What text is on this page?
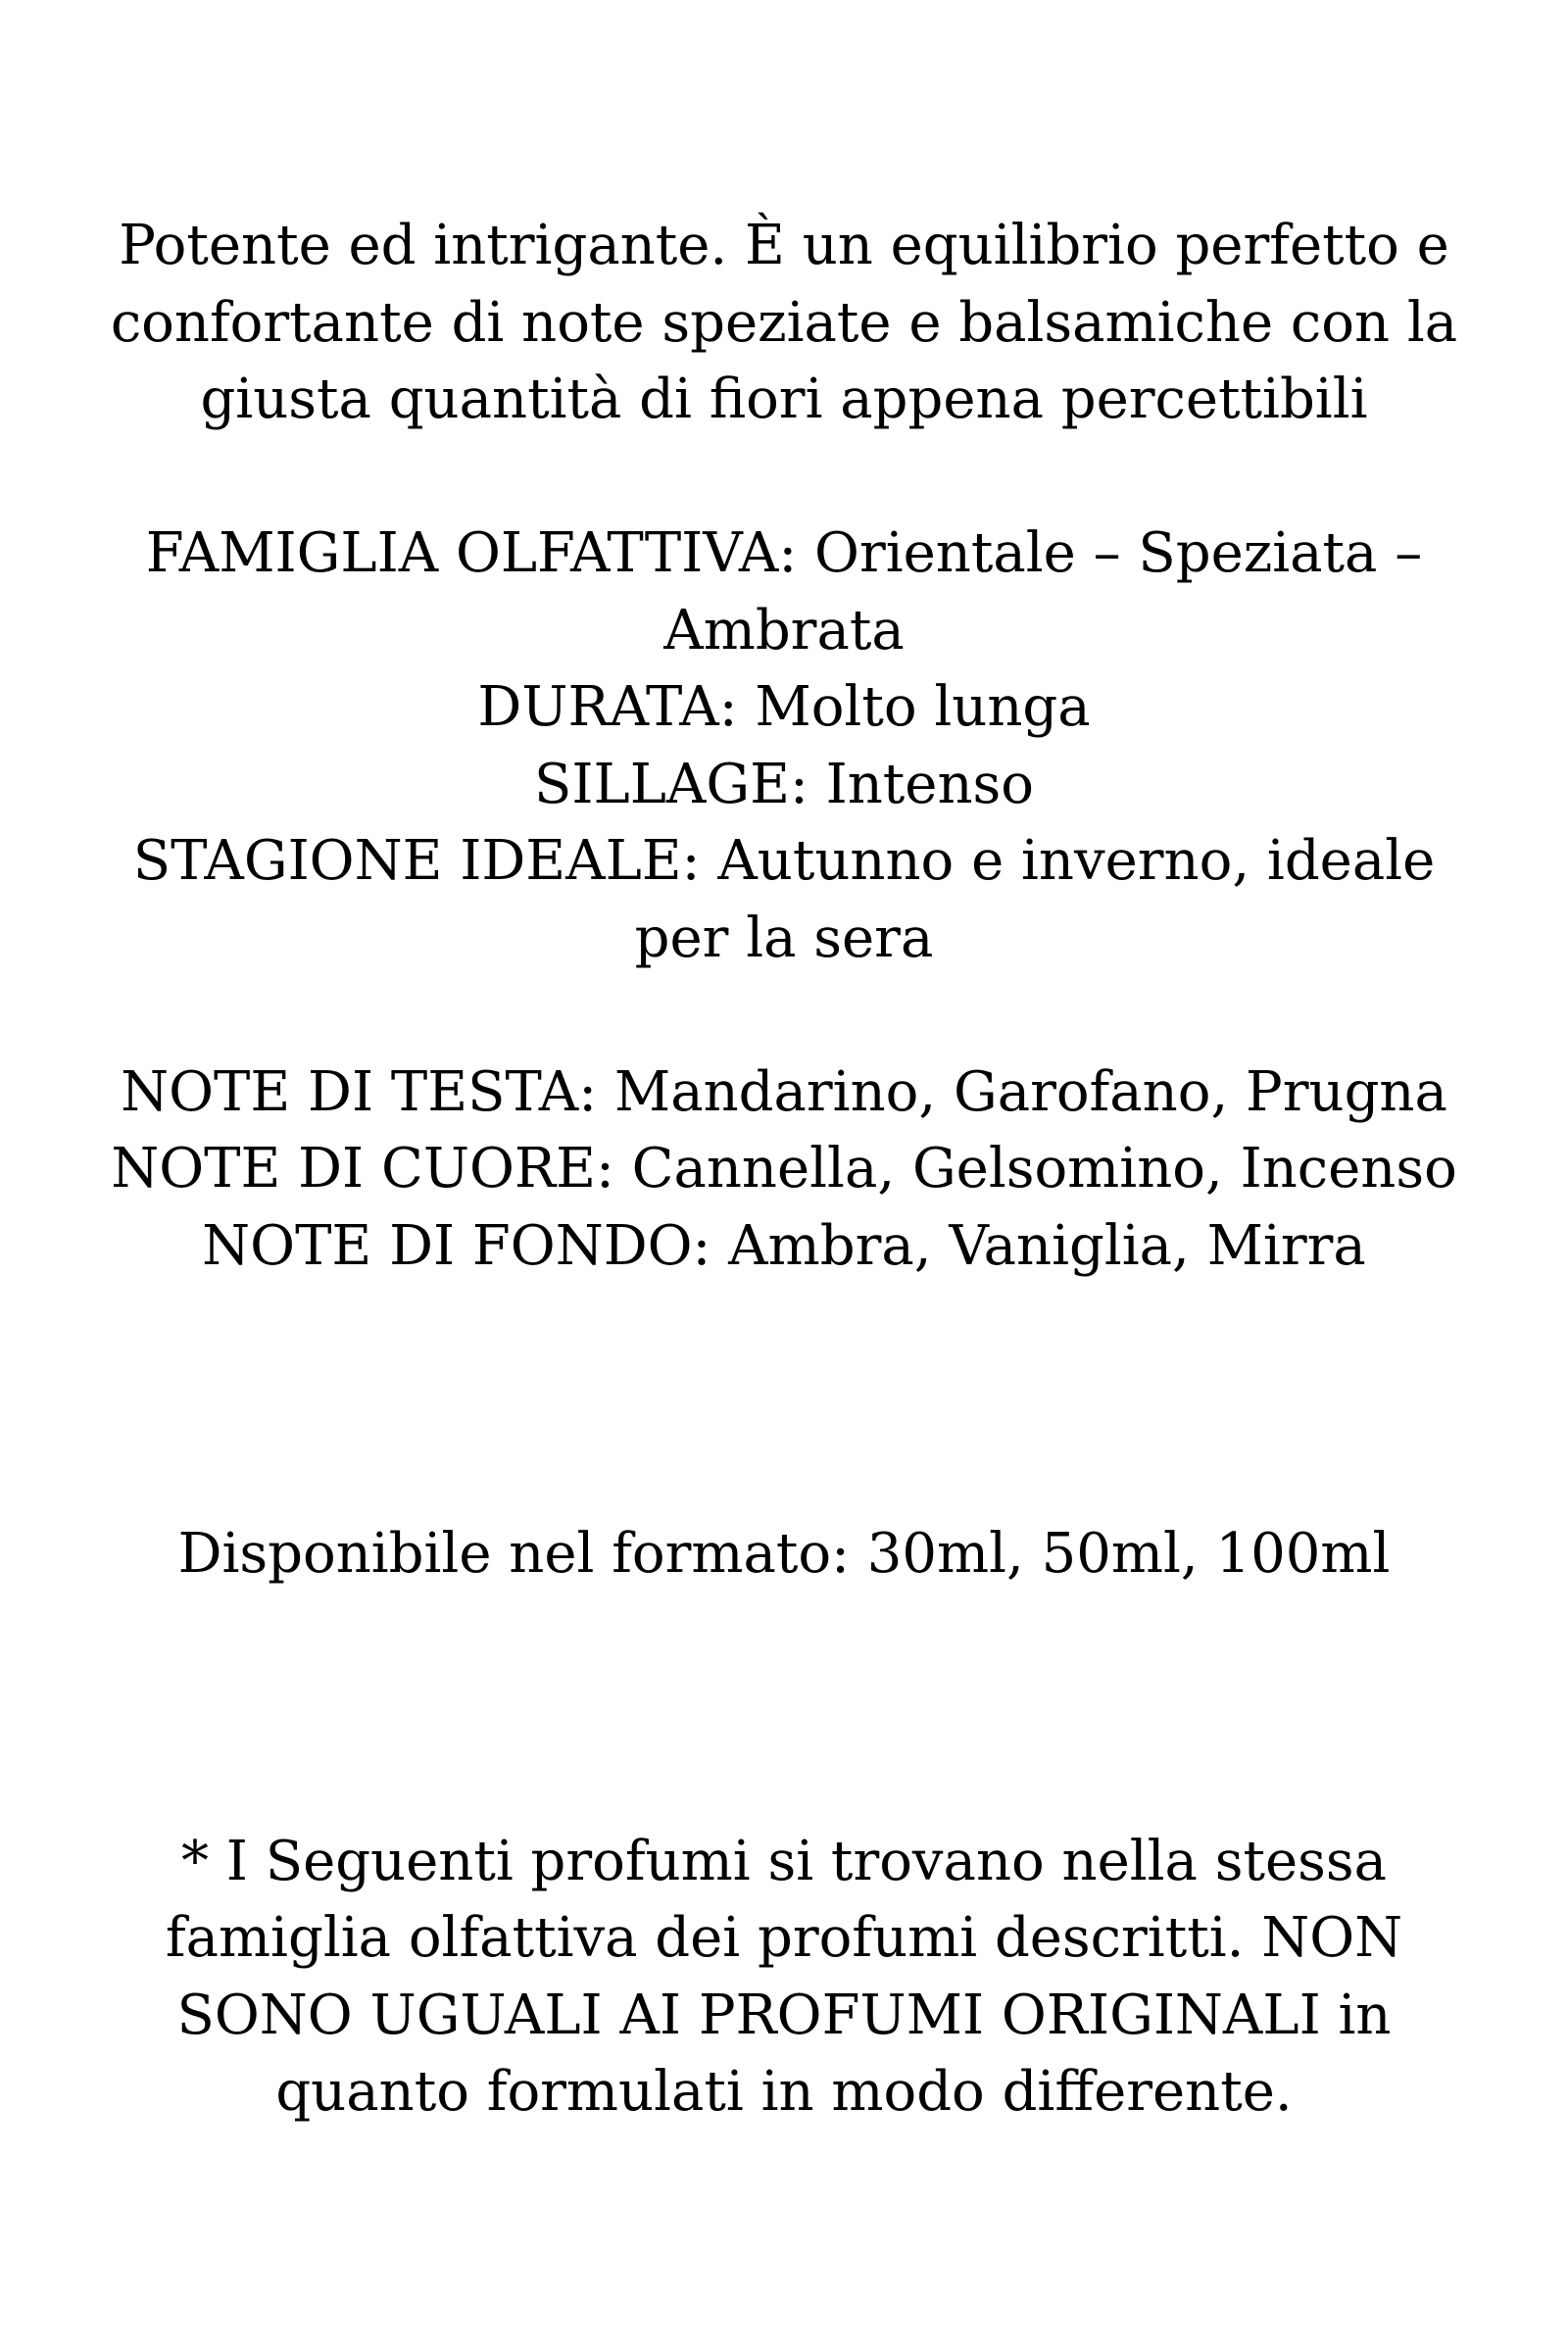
Potente ed intrigante. È un equilibrio perfetto e confortante di note speziate e balsamiche con la giusta quantità di fiori appena percettibili

FAMIGLIA OLFATTIVA: Orientale – Speziata – Ambrata
DURATA: Molto lunga
SILLAGE: Intenso
STAGIONE IDEALE: Autunno e inverno, ideale per la sera
NOTE DI TESTA: Mandarino, Garofano, Prugna
NOTE DI CUORE: Cannella, Gelsomino, Incenso
NOTE DI FONDO: Ambra, Vaniglia, Mirra

Disponibile nel formato: 30ml, 50ml, 100ml

* I Seguenti profumi si trovano nella stessa famiglia olfattiva dei profumi descritti. NON SONO UGUALI AI PROFUMI ORIGINALI in quanto formulati in modo differente.
